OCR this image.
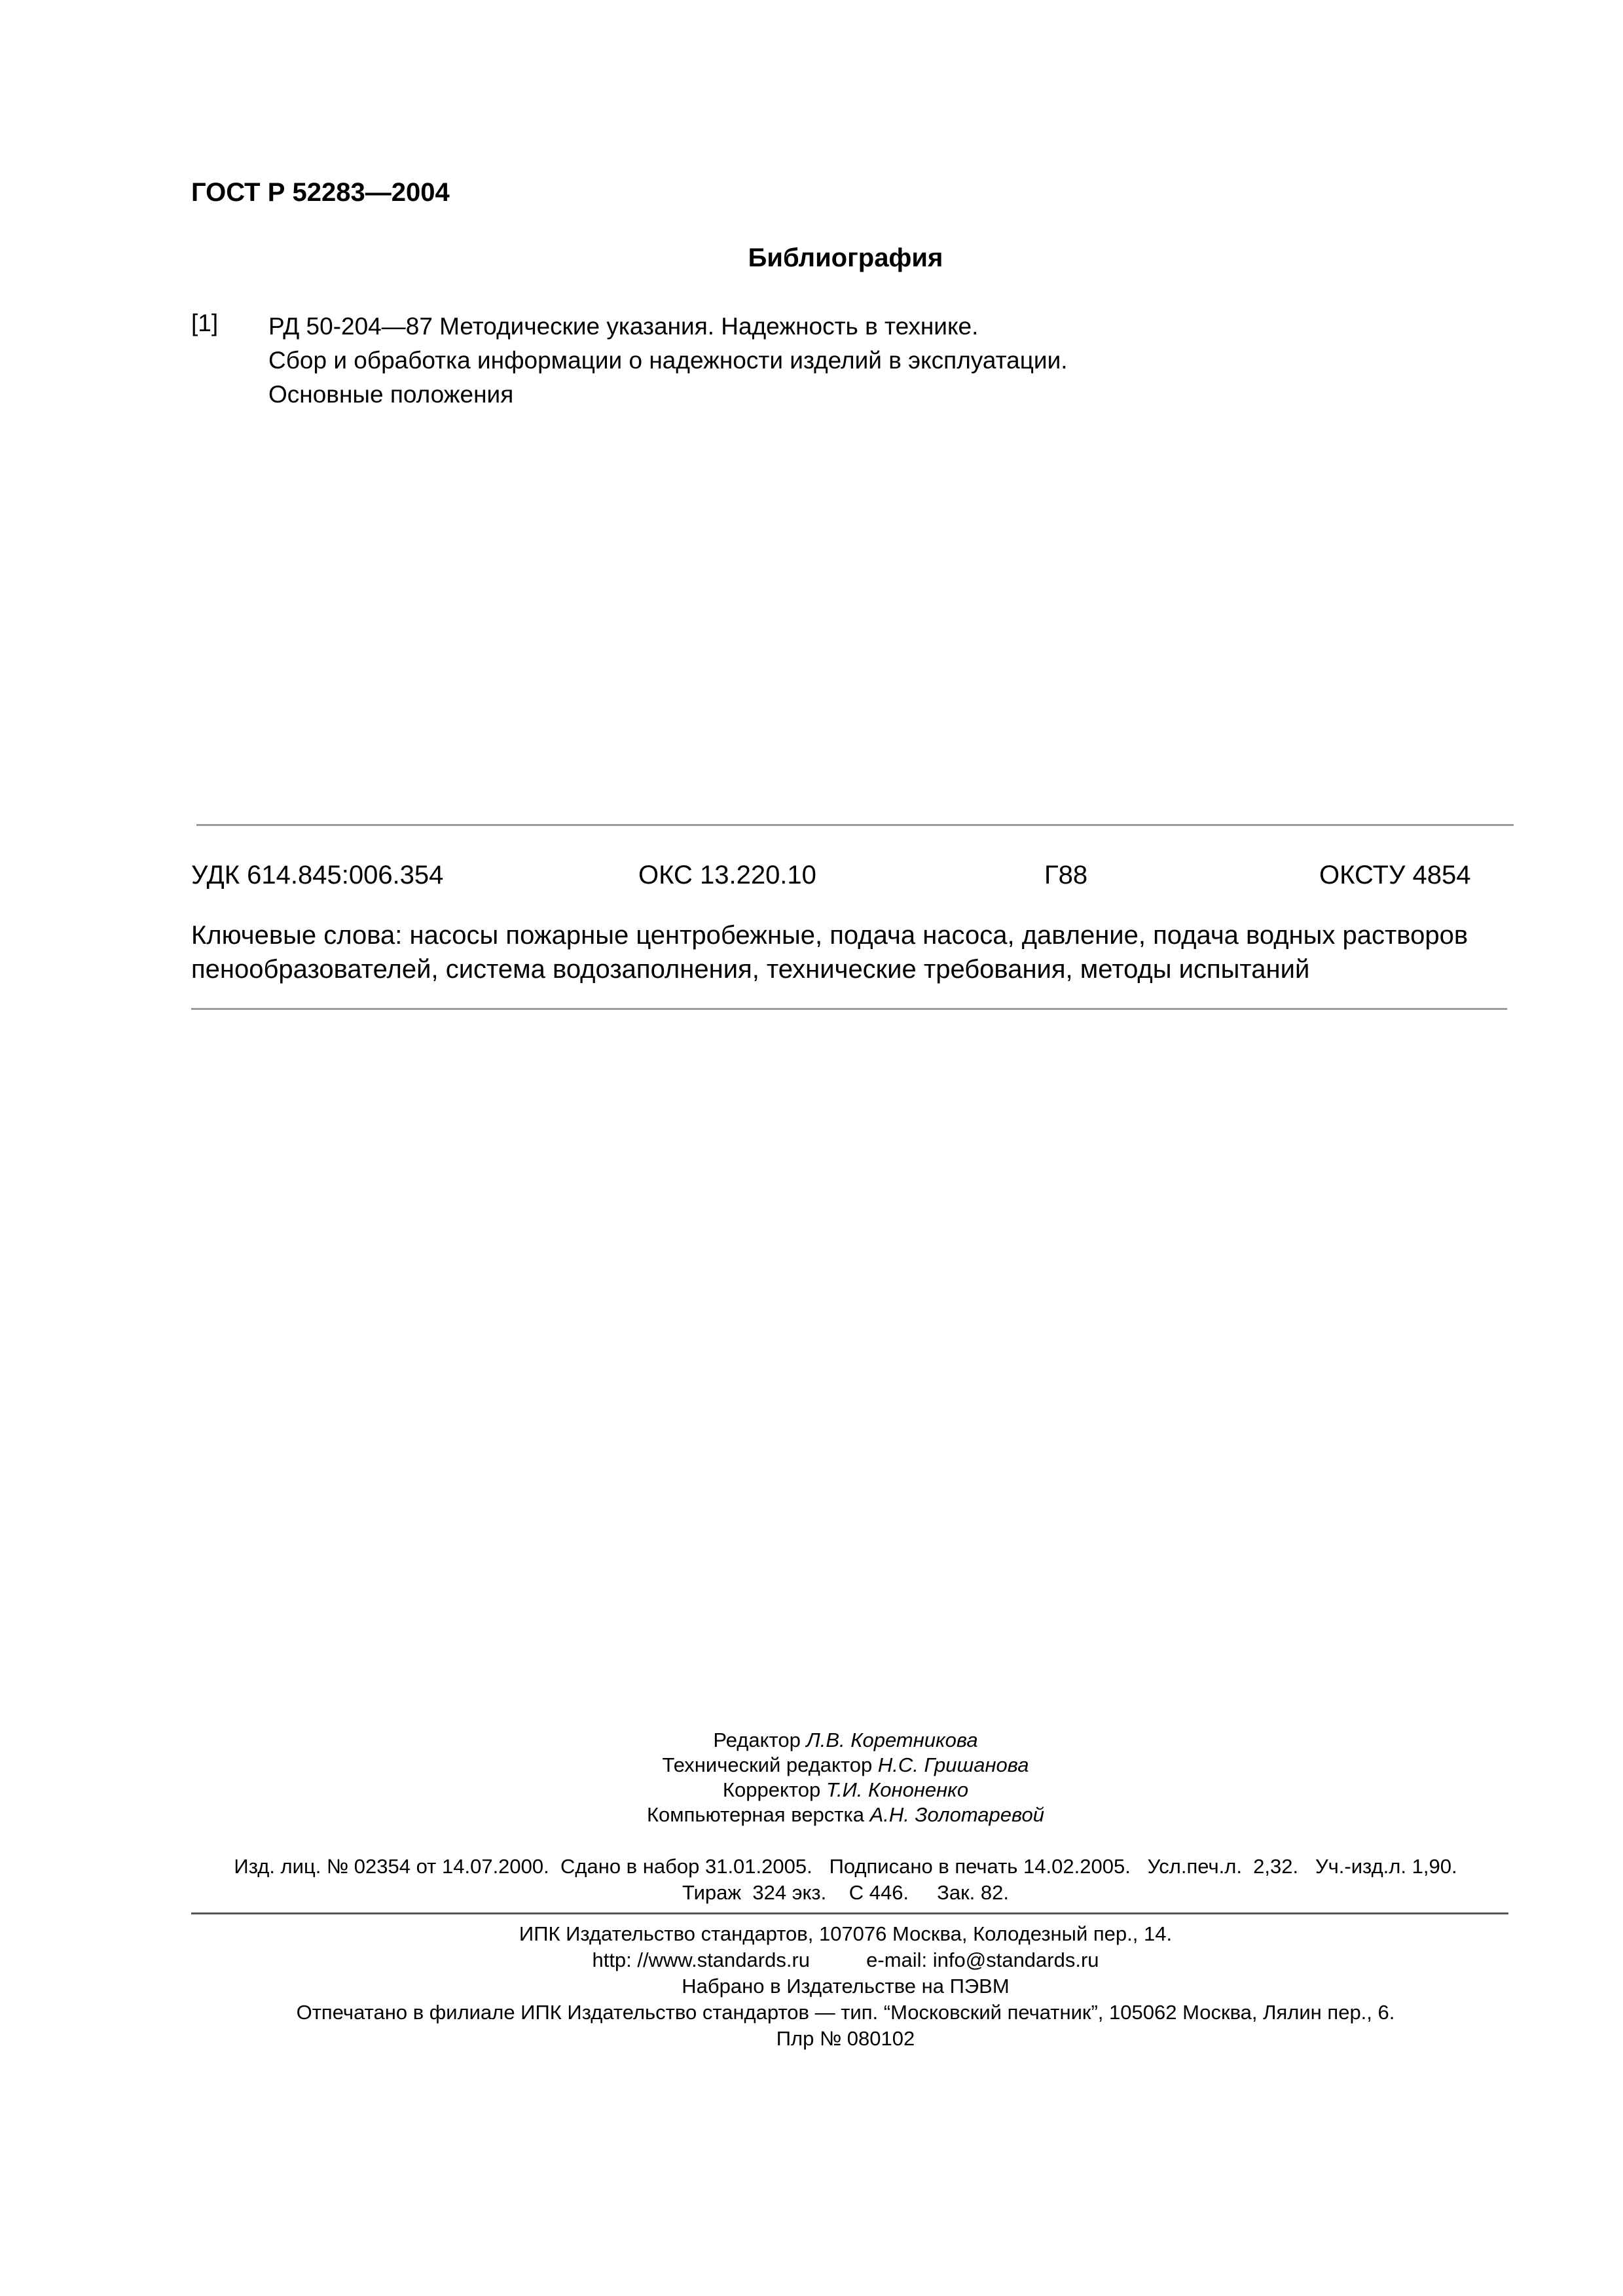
ГОСТ Р 52283—2004
Библиография
[1] РД 50-204—87 Методические указания. Надежность в технике.
Сбор и обработка информации о надежности изделий в эксплуатации.
Основные положения
УДК 614.845:006.354	ОКС 13.220.10	Г88	ОКСТУ 4854
Ключевые слова: насосы пожарные центробежные, подача насоса, давление, подача водных растворов
пенообразователей, система водозаполнения, технические требования, методы испытаний
Редактор Л.В. Коретникова
Технический редактор Н.С. Гришанова
Корректор Т.И. Кононенко
Компьютерная верстка А.Н. Золотаревой
Изд. лиц. № 02354 от 14.07.2000.  Сдано в набор 31.01.2005.   Подписано в печать 14.02.2005.   Усл.печ.л.  2,32.   Уч.-изд.л. 1,90.
Тираж  324 экз.    С 446.     Зак. 82.
ИПК Издательство стандартов, 107076 Москва, Колодезный пер., 14.
http: //www.standards.ru          e-mail: info@standards.ru
Набрано в Издательстве на ПЭВМ
Отпечатано в филиале ИПК Издательство стандартов — тип. “Московский печатник”, 105062 Москва, Лялин пер., 6.
Плр № 080102
